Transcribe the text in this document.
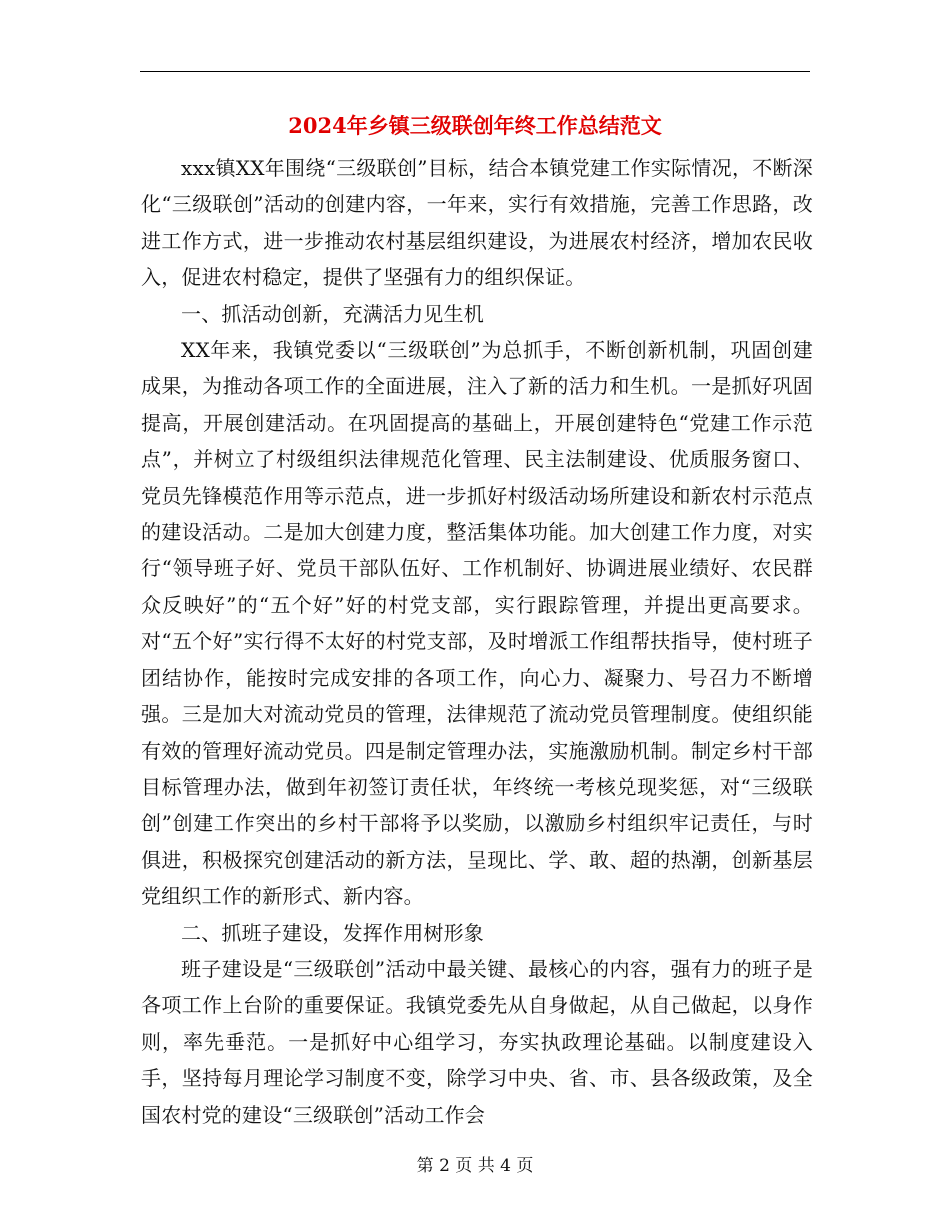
2024年乡镇三级联创年终工作总结范文

xxx镇XX年围绕“三级联创”目标，结合本镇党建工作实际情况，不断深化“三级联创”活动的创建内容，一年来，实行有效措施，完善工作思路，改进工作方式，进一步推动农村基层组织建设，为进展农村经济，增加农民收入，促进农村稳定，提供了坚强有力的组织保证。

一、抓活动创新，充满活力见生机

XX年来，我镇党委以“三级联创”为总抓手，不断创新机制，巩固创建成果，为推动各项工作的全面进展，注入了新的活力和生机。一是抓好巩固提高，开展创建活动。在巩固提高的基础上，开展创建特色“党建工作示范点”，并树立了村级组织法律规范化管理、民主法制建设、优质服务窗口、党员先锋模范作用等示范点，进一步抓好村级活动场所建设和新农村示范点的建设活动。二是加大创建力度，整活集体功能。加大创建工作力度，对实行“领导班子好、党员干部队伍好、工作机制好、协调进展业绩好、农民群众反映好”的“五个好”好的村党支部，实行跟踪管理，并提出更高要求。对“五个好”实行得不太好的村党支部，及时增派工作组帮扶指导，使村班子团结协作，能按时完成安排的各项工作，向心力、凝聚力、号召力不断增强。三是加大对流动党员的管理，法律规范了流动党员管理制度。使组织能有效的管理好流动党员。四是制定管理办法，实施激励机制。制定乡村干部目标管理办法，做到年初签订责任状，年终统一考核兑现奖惩，对“三级联创”创建工作突出的乡村干部将予以奖励，以激励乡村组织牢记责任，与时俱进，积极探究创建活动的新方法，呈现比、学、敢、超的热潮，创新基层党组织工作的新形式、新内容。

二、抓班子建设，发挥作用树形象

班子建设是“三级联创”活动中最关键、最核心的内容，强有力的班子是各项工作上台阶的重要保证。我镇党委先从自身做起，从自己做起，以身作则，率先垂范。一是抓好中心组学习，夯实执政理论基础。以制度建设入手，坚持每月理论学习制度不变，除学习中央、省、市、县各级政策，及全国农村党的建设“三级联创”活动工作会

第 2 页 共 4 页
